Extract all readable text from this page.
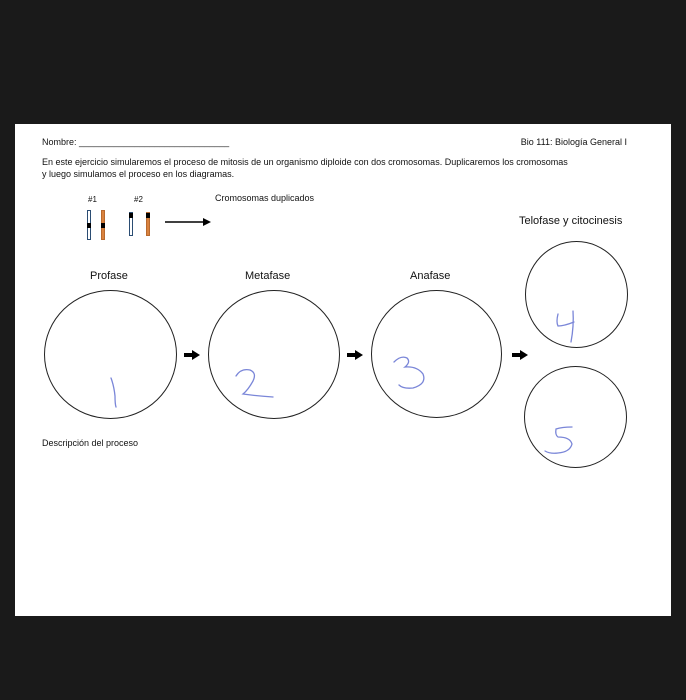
Nombre: ______________________________	Bio 111: Biología General I
En este ejercicio simularemos el proceso de mitosis de un organismo diploide con dos cromosomas. Duplicaremos los cromosomas
y luego simulamos el proceso en los diagramas.
#1	#2	Cromosomas duplicados
Profase	Metafase	Anafase
Telofase y citocinesis
Descripción del proceso
